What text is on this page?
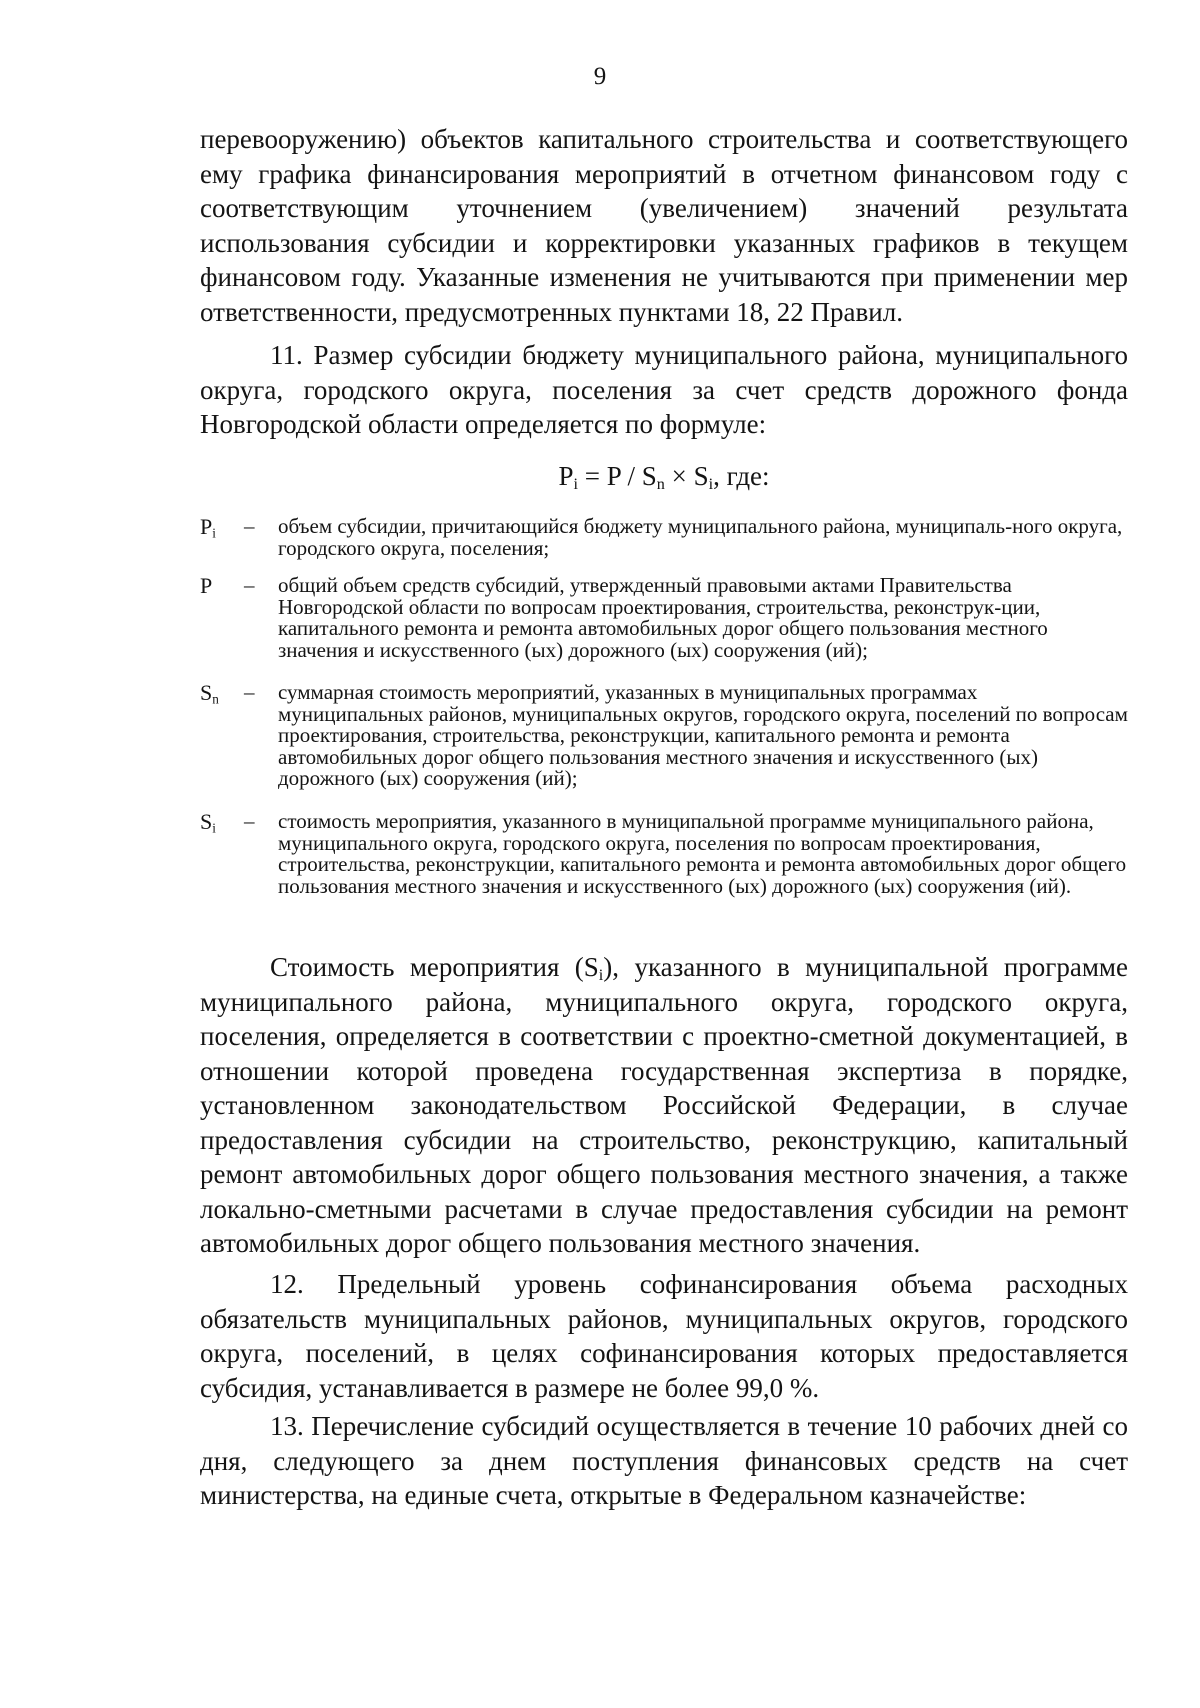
9

перевооружению) объектов капитального строительства и соответствующего ему графика финансирования мероприятий в отчетном финансовом году с соответствующим уточнением (увеличением) значений результата использования субсидии и корректировки указанных графиков в текущем финансовом году. Указанные изменения не учитываются при применении мер ответственности, предусмотренных пунктами 18, 22 Правил.

11. Размер субсидии бюджету муниципального района, муниципального округа, городского округа, поселения за счет средств дорожного фонда Новгородской области определяется по формуле:

$P_i = P / S_n \times S_i$, где:
$P_i$	–	объем субсидии, причитающийся бюджету муниципального района, муниципаль-ного округа, городского округа, поселения;
P	–	общий объем средств субсидий, утвержденный правовыми актами Правительства Новгородской области по вопросам проектирования, строительства, реконструк-ции, капитального ремонта и ремонта автомобильных дорог общего пользования местного значения и искусственного (ых) дорожного (ых) сооружения (ий);
$S_n$	–	суммарная стоимость мероприятий, указанных в муниципальных программах муниципальных районов, муниципальных округов, городского округа, поселений по вопросам проектирования, строительства, реконструкции, капитального ремонта и ремонта автомобильных дорог общего пользования местного значения и искусственного (ых) дорожного (ых) сооружения (ий);
$S_i$	–	стоимость мероприятия, указанного в муниципальной программе муниципального района, муниципального округа, городского округа, поселения по вопросам проектирования, строительства, реконструкции, капитального ремонта и ремонта автомобильных дорог общего пользования местного значения и искусственного (ых) дорожного (ых) сооружения (ий).

Стоимость мероприятия $(S_i)$, указанного в муниципальной программе муниципального района, муниципального округа, городского округа, поселения, определяется в соответствии с проектно-сметной документацией, в отношении которой проведена государственная экспертиза в порядке, установленном законодательством Российской Федерации, в случае предоставления субсидии на строительство, реконструкцию, капитальный ремонт автомобильных дорог общего пользования местного значения, а также локально-сметными расчетами в случае предоставления субсидии на ремонт автомобильных дорог общего пользования местного значения.

12. Предельный уровень софинансирования объема расходных обязательств муниципальных районов, муниципальных округов, городского округа, поселений, в целях софинансирования которых предоставляется субсидия, устанавливается в размере не более 99,0 %.

13. Перечисление субсидий осуществляется в течение 10 рабочих дней со дня, следующего за днем поступления финансовых средств на счет министерства, на единые счета, открытые в Федеральном казначействе:
